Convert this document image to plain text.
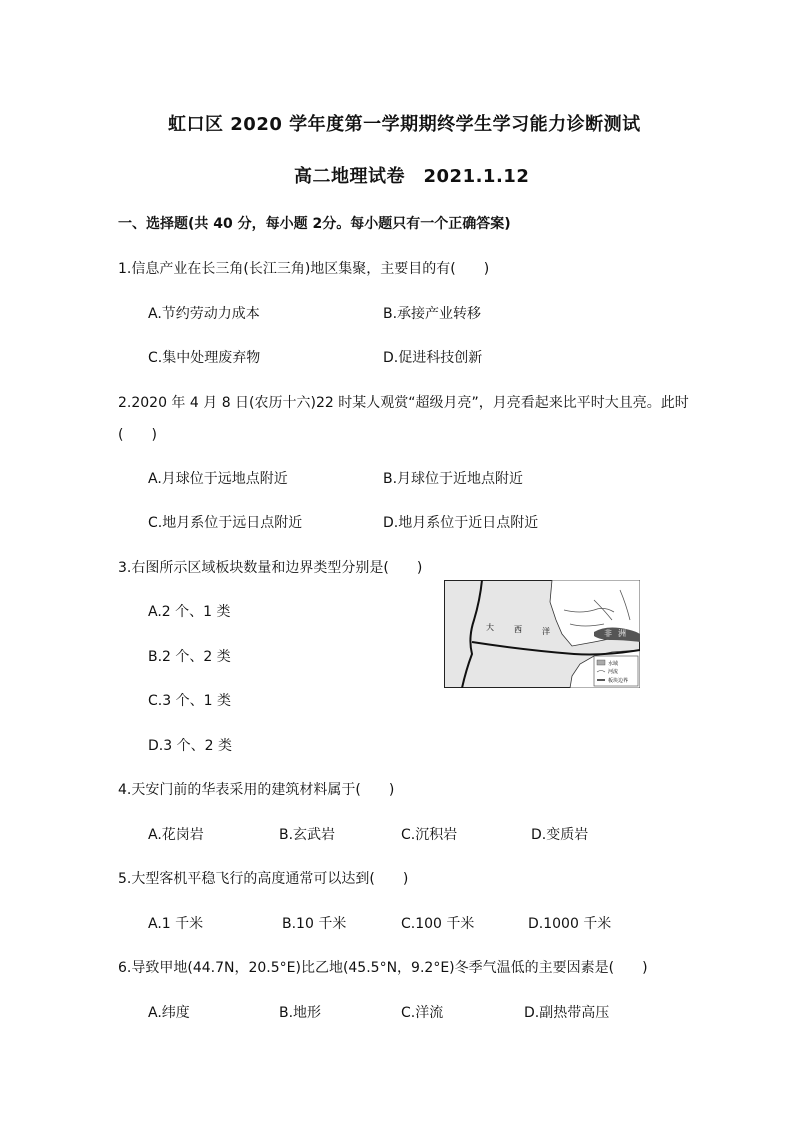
虹口区 2020 学年度第一学期期终学生学习能力诊断测试
高二地理试卷　2021.1.12
一、选择题(共 40 分，每小题 2分。每小题只有一个正确答案)
1.信息产业在长三角(长江三角)地区集聚，主要目的有(　　)
A.节约劳动力成本	B.承接产业转移
C.集中处理废弃物	D.促进科技创新
2.2020 年 4 月 8 日(农历十六)22 时某人观赏“超级月亮”，月亮看起来比平时大且亮。此时
(　　)
A.月球位于远地点附近	B.月球位于近地点附近
C.地月系位于远日点附近	D.地月系位于近日点附近
3.右图所示区域板块数量和边界类型分别是(　　)
A.2 个、1 类
B.2 个、2 类
C.3 个、1 类
D.3 个、2 类
大	西	洋	非 洲
水域
河流
板块边界
4.天安门前的华表采用的建筑材料属于(　　)
A.花岗岩	B.玄武岩	C.沉积岩	D.变质岩
5.大型客机平稳飞行的高度通常可以达到(　　)
A.1 千米	B.10 千米	C.100 千米	D.1000 千米
6.导致甲地(44.7N，20.5°E)比乙地(45.5°N，9.2°E)冬季气温低的主要因素是(　　)
A.纬度	B.地形	C.洋流	D.副热带高压
